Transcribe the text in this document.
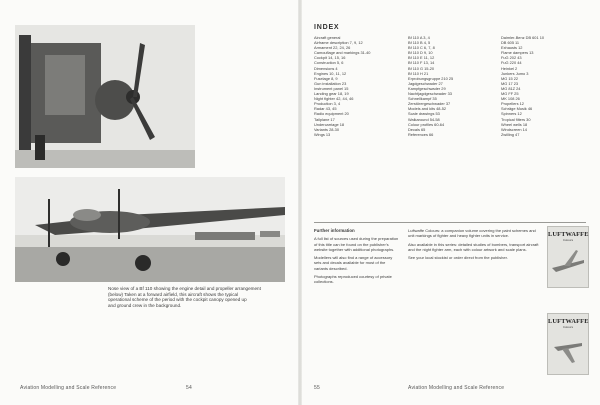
Nose view of a Bf 110 showing the engine detail and propeller arrangement

(below) Taken at a forward airfield, this aircraft shows the typical

operational scheme of the period with the cockpit canopy opened up

and ground crew in the background.

Aviation Modelling and Scale Reference	54
INDEX
Aircraft general
Airframe description 7, 9, 12
Armament 22, 24, 26
Camouflage and markings 31-40
Cockpit 14, 15, 16
Construction 5, 6
Dimensions 4
Engines 10, 11, 12
Fuselage 8, 9
Gun installation 23
Instrument panel 15
Landing gear 18, 19
Night fighter 42, 44, 46
Production 3, 4
Radar 43, 45
Radio equipment 20
Tailplane 17
Undercarriage 18
Variants 28-30
Wings 13
Bf 110 A 3, 4
Bf 110 B 4, 5
Bf 110 C 6, 7, 8
Bf 110 D 9, 10
Bf 110 E 11, 12
Bf 110 F 13, 14
Bf 110 G 15-20
Bf 110 H 21
Erprobungsgruppe 210 25
Jagdgeschwader 27
Kampfgeschwader 29
Nachtjagdgeschwader 33
Schnellkampf 35
Zerstörergeschwader 37
Models and kits 48-52
Scale drawings 53
Walkaround 54-58
Colour profiles 60-64
Decals 65
References 66
Daimler-Benz DB 601 10
DB 605 11
Exhausts 12
Flame dampers 13
FuG 202 43
FuG 220 44
Heinkel 2
Junkers Jumo 3
MG 15 22
MG 17 23
MG 81Z 24
MG FF 25
MK 108 26
Propellers 12
Schräge Musik 46
Spinners 12
Tropical filters 30
Wheel wells 18
Windscreen 14
Zwilling 47
Further information

A full list of sources used during the preparation of this title can be found on the publisher's website together with additional photographs.

Modellers will also find a range of accessory sets and decals available for most of the variants described.

Photographs reproduced courtesy of private collections.

Luftwaffe Colours: a companion volume covering the paint schemes and unit markings of fighter and heavy fighter units in service.

Also available in this series: detailed studies of bombers, transport aircraft and the night fighter arm, each with colour artwork and scale plans.

See your local stockist or order direct from the publisher.

LUFTWAFFE
Colours
LUFTWAFFE
Colours
55	Aviation Modelling and Scale Reference
